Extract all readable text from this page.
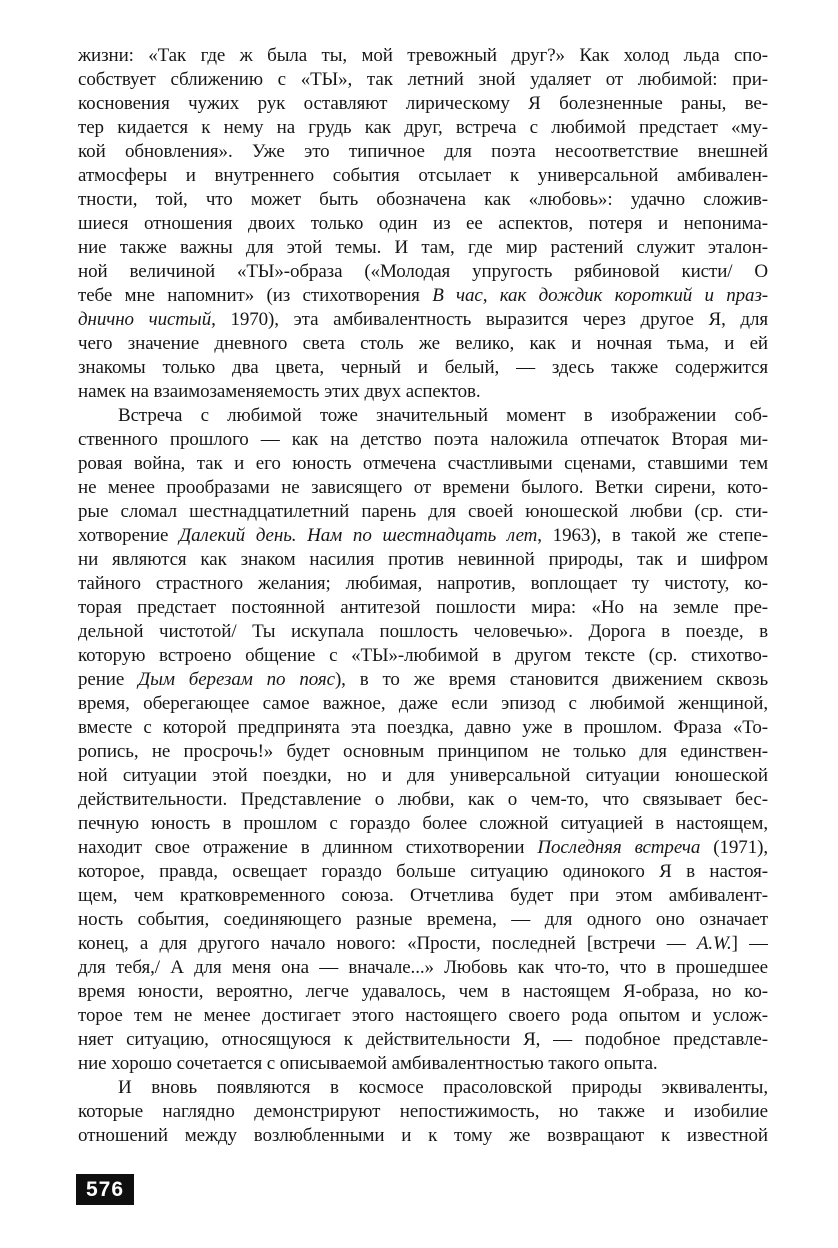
жизни: «Так где ж была ты, мой тревожный друг?» Как холод льда спо-
собствует сближению с «ТЫ», так летний зной удаляет от любимой: при-
косновения чужих рук оставляют лирическому Я болезненные раны, ве-
тер кидается к нему на грудь как друг, встреча с любимой предстает «му-
кой обновления». Уже это типичное для поэта несоответствие внешней
атмосферы и внутреннего события отсылает к универсальной амбивален-
тности, той, что может быть обозначена как «любовь»: удачно сложив-
шиеся отношения двоих только один из ее аспектов, потеря и непонима-
ние также важны для этой темы. И там, где мир растений служит эталон-
ной величиной «ТЫ»-образа («Молодая упругость рябиновой кисти/ О
тебе мне напомнит» (из стихотворения В час, как дождик короткий и праз-
днично чистый, 1970), эта амбивалентность выразится через другое Я, для
чего значение дневного света столь же велико, как и ночная тьма, и ей
знакомы только два цвета, черный и белый, — здесь также содержится
намек на взаимозаменяемость этих двух аспектов.
Встреча с любимой тоже значительный момент в изображении соб-
ственного прошлого — как на детство поэта наложила отпечаток Вторая ми-
ровая война, так и его юность отмечена счастливыми сценами, ставшими тем
не менее прообразами не зависящего от времени былого. Ветки сирени, кото-
рые сломал шестнадцатилетний парень для своей юношеской любви (ср. сти-
хотворение Далекий день. Нам по шестнадцать лет, 1963), в такой же степе-
ни являются как знаком насилия против невинной природы, так и шифром
тайного страстного желания; любимая, напротив, воплощает ту чистоту, ко-
торая предстает постоянной антитезой пошлости мира: «Но на земле пре-
дельной чистотой/ Ты искупала пошлость человечью». Дорога в поезде, в
которую встроено общение с «ТЫ»-любимой в другом тексте (ср. стихотво-
рение Дым березам по пояс), в то же время становится движением сквозь
время, оберегающее самое важное, даже если эпизод с любимой женщиной,
вместе с которой предпринята эта поездка, давно уже в прошлом. Фраза «То-
ропись, не просрочь!» будет основным принципом не только для единствен-
ной ситуации этой поездки, но и для универсальной ситуации юношеской
действительности. Представление о любви, как о чем-то, что связывает бес-
печную юность в прошлом с гораздо более сложной ситуацией в настоящем,
находит свое отражение в длинном стихотворении Последняя встреча (1971),
которое, правда, освещает гораздо больше ситуацию одинокого Я в настоя-
щем, чем кратковременного союза. Отчетлива будет при этом амбивалент-
ность события, соединяющего разные времена, — для одного оно означает
конец, а для другого начало нового: «Прости, последней [встречи — A.W.] —
для тебя,/ А для меня она — вначале...» Любовь как что-то, что в прошедшее
время юности, вероятно, легче удавалось, чем в настоящем Я-образа, но ко-
торое тем не менее достигает этого настоящего своего рода опытом и услож-
няет ситуацию, относящуюся к действительности Я, — подобное представле-
ние хорошо сочетается с описываемой амбивалентностью такого опыта.
И вновь появляются в космосе прасоловской природы эквиваленты,
которые наглядно демонстрируют непостижимость, но также и изобилие
отношений между возлюбленными и к тому же возвращают к известной
576
